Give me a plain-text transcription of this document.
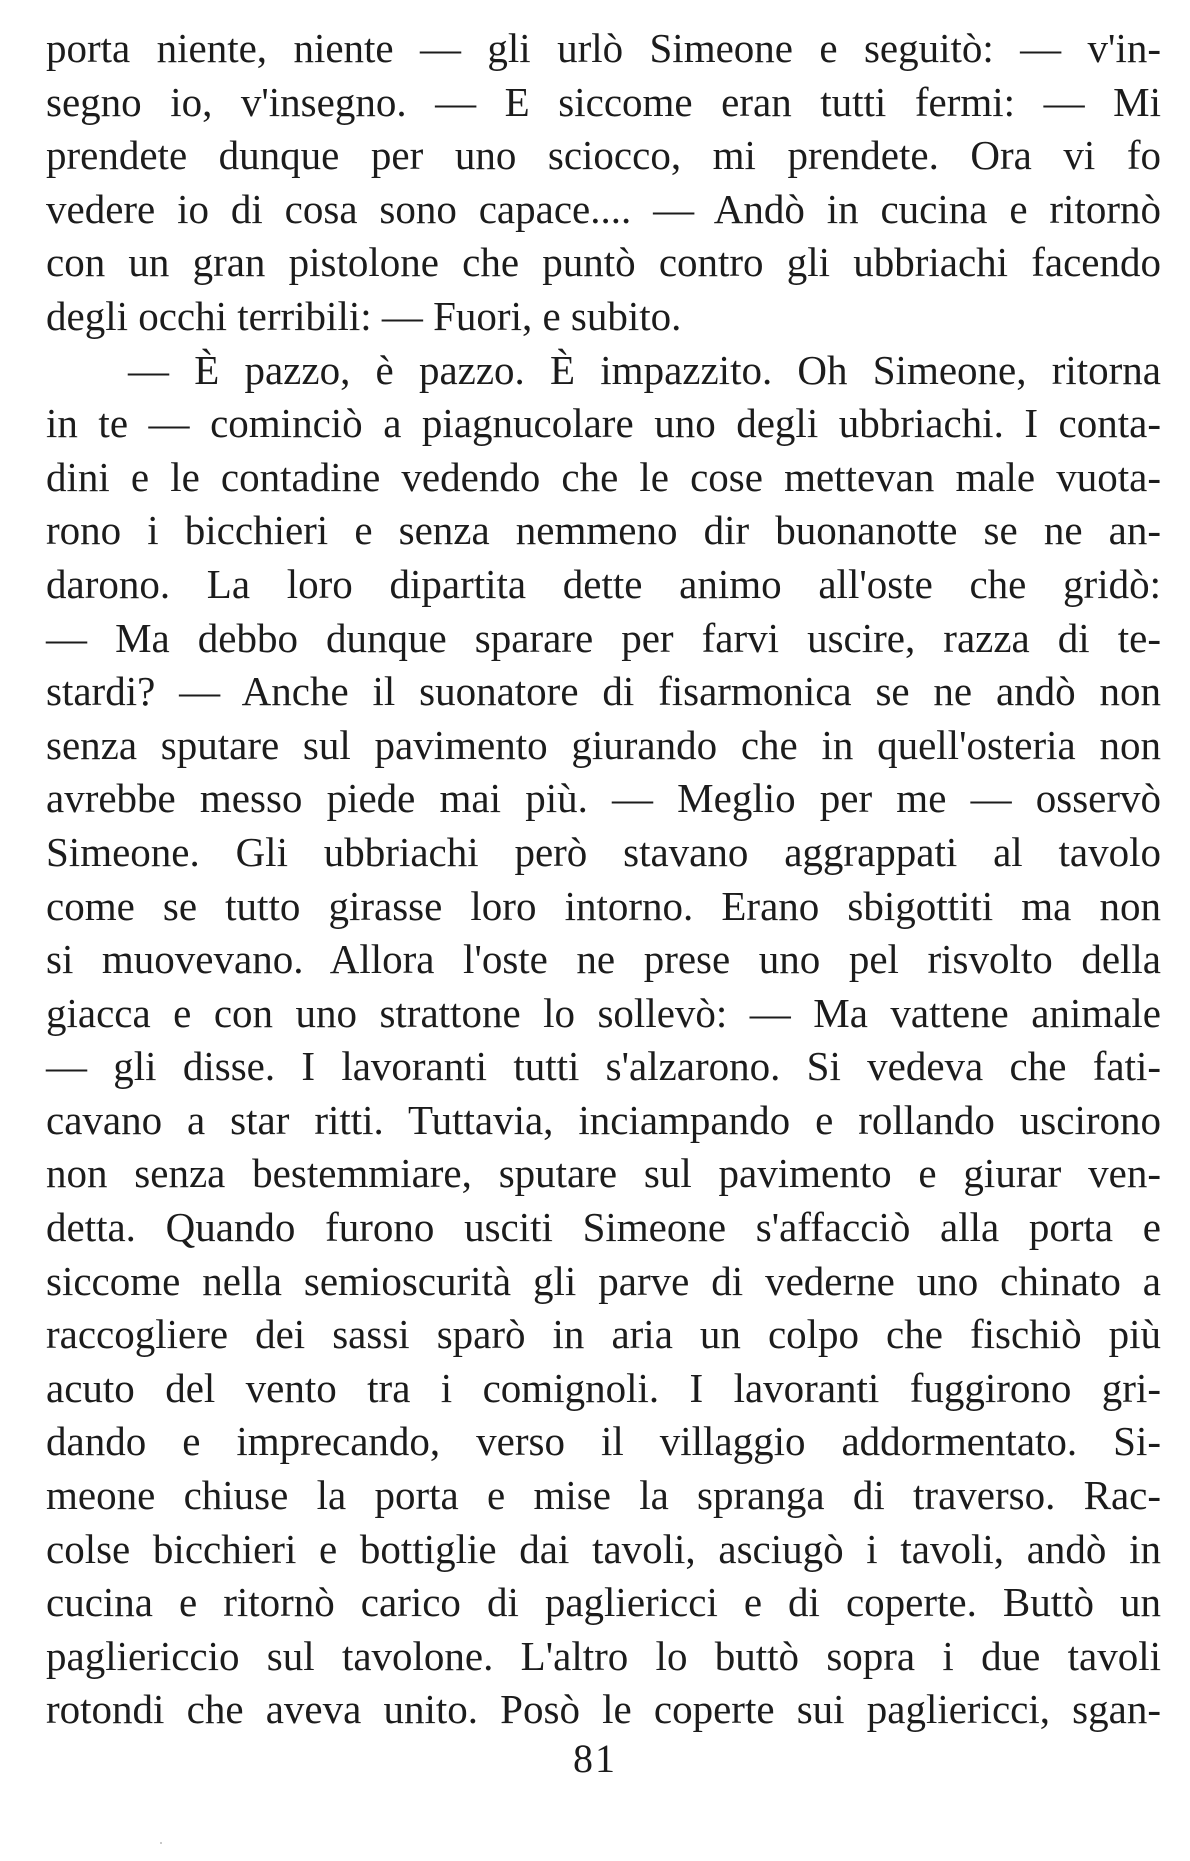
porta niente, niente — gli urlò Simeone e seguitò: — v'in-
segno io, v'insegno. — E siccome eran tutti fermi: — Mi
prendete dunque per uno sciocco, mi prendete. Ora vi fo
vedere io di cosa sono capace.... — Andò in cucina e ritornò
con un gran pistolone che puntò contro gli ubbriachi facendo
degli occhi terribili: — Fuori, e subito.
— È pazzo, è pazzo. È impazzito. Oh Simeone, ritorna
in te — cominciò a piagnucolare uno degli ubbriachi. I conta-
dini e le contadine vedendo che le cose mettevan male vuota-
rono i bicchieri e senza nemmeno dir buonanotte se ne an-
darono. La loro dipartita dette animo all'oste che gridò:
— Ma debbo dunque sparare per farvi uscire, razza di te-
stardi? — Anche il suonatore di fisarmonica se ne andò non
senza sputare sul pavimento giurando che in quell'osteria non
avrebbe messo piede mai più. — Meglio per me — osservò
Simeone. Gli ubbriachi però stavano aggrappati al tavolo
come se tutto girasse loro intorno. Erano sbigottiti ma non
si muovevano. Allora l'oste ne prese uno pel risvolto della
giacca e con uno strattone lo sollevò: — Ma vattene animale
— gli disse. I lavoranti tutti s'alzarono. Si vedeva che fati-
cavano a star ritti. Tuttavia, inciampando e rollando uscirono
non senza bestemmiare, sputare sul pavimento e giurar ven-
detta. Quando furono usciti Simeone s'affacciò alla porta e
siccome nella semioscurità gli parve di vederne uno chinato a
raccogliere dei sassi sparò in aria un colpo che fischiò più
acuto del vento tra i comignoli. I lavoranti fuggirono gri-
dando e imprecando, verso il villaggio addormentato. Si-
meone chiuse la porta e mise la spranga di traverso. Rac-
colse bicchieri e bottiglie dai tavoli, asciugò i tavoli, andò in
cucina e ritornò carico di pagliericci e di coperte. Buttò un
pagliericcio sul tavolone. L'altro lo buttò sopra i due tavoli
rotondi che aveva unito. Posò le coperte sui pagliericci, sgan-
81
